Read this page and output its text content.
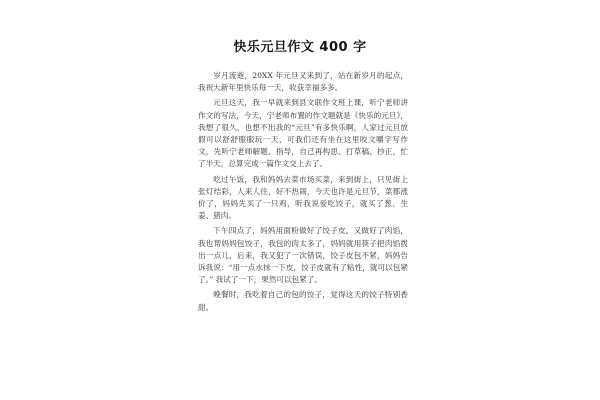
快乐元旦作文 400 字

岁月流逝，20XX 年元旦又来到了，站在新岁月的起点，我祝大新年里快乐每一天，收获幸福多多。

元旦这天，我一早就来到县文联作文班上课，听宁老师讲作文的写法，今天，宁老师布置的作文题就是《快乐的元旦》，我想了很久，也想不出我的“元旦”有多快乐啊，人家过元旦放假可以舒舒服服玩一天，可我们还有坐在这里咬文嚼字写作文，先听宁老师解题、指导，自己再构思、打草稿、抄正，忙了半天，总算完成一篇作文交上去了。

吃过午饭，我和妈妈去菜市场买菜，来到街上，只见街上张灯结彩，人来人往，好不热闹，今天也许是元旦节，菜都涨价了，妈妈先买了一只鸡，听我说爱吃饺子，就买了葱、生姜、猪肉。

下午四点了，妈妈用面粉做好了饺子皮，又做好了肉馅，我也帮妈妈包饺子，我包的肉太多了，妈妈就用筷子把肉馅拨出一点儿，后来，我又犯了一次错误，饺子皮包不紧，妈妈告诉我说：“用一点水抹一下皮，饺子皮就有了粘性，就可以包紧了。” 我试了一下，果然可以包紧了。

晚餐时，我吃着自己的包的饺子，觉得这天的饺子特别香甜。
